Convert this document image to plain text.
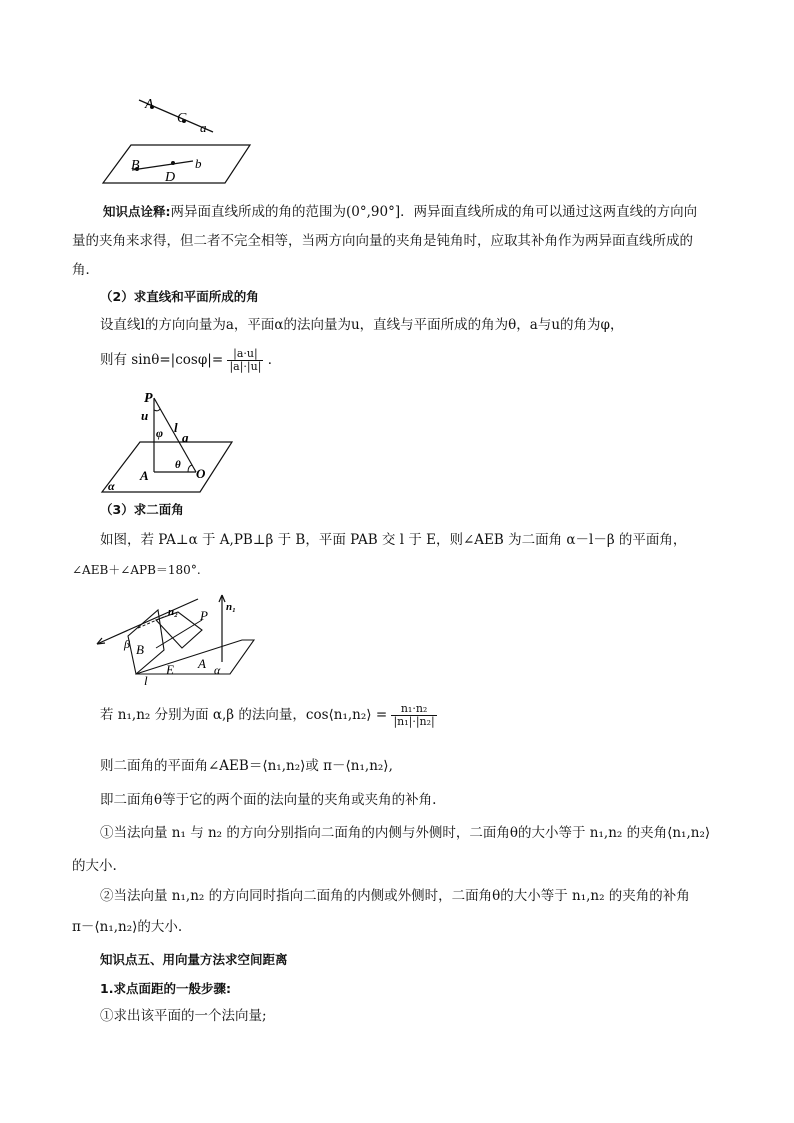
A
C
a
B
D
b
知识点诠释:两异面直线所成的角的范围为(0°,90°]．两异面直线所成的角可以通过这两直线的方向向
量的夹角来求得，但二者不完全相等，当两方向向量的夹角是钝角时，应取其补角作为两异面直线所成的
角．
（2）求直线和平面所成的角
设直线l的方向向量为a，平面α的法向量为u，直线与平面所成的角为θ，a与u的角为φ，
则有 $\sin\theta=|\cos\varphi|= \frac{|a\cdot u|}{|a|\cdot|u|}$ ．
P
u
l
φ a
A
θ
O
α
（3）求二面角
如图，若 PA⊥α 于 A,PB⊥β 于 B，平面 PAB 交 l 于 E，则∠AEB 为二面角 α－l－β 的平面角，
∠AEB＋∠APB＝180°.
n₂	n₁
P
β B
E A α
l
若 n₁,n₂ 分别为面 α,β 的法向量，cos⟨n₁,n₂⟩ = $\frac{\text{n₁·n₂}}{\text{|n₁|·|n₂|}}$
则二面角的平面角∠AEB＝⟨n₁,n₂⟩或 π－⟨n₁,n₂⟩,
即二面角θ等于它的两个面的法向量的夹角或夹角的补角.
①当法向量 n₁ 与 n₂ 的方向分别指向二面角的内侧与外侧时，二面角θ的大小等于 n₁,n₂ 的夹角⟨n₁,n₂⟩
的大小.
②当法向量 n₁,n₂ 的方向同时指向二面角的内侧或外侧时，二面角θ的大小等于 n₁,n₂ 的夹角的补角
π－⟨n₁,n₂⟩的大小.
知识点五、用向量方法求空间距离
1.求点面距的一般步骤:
①求出该平面的一个法向量;
